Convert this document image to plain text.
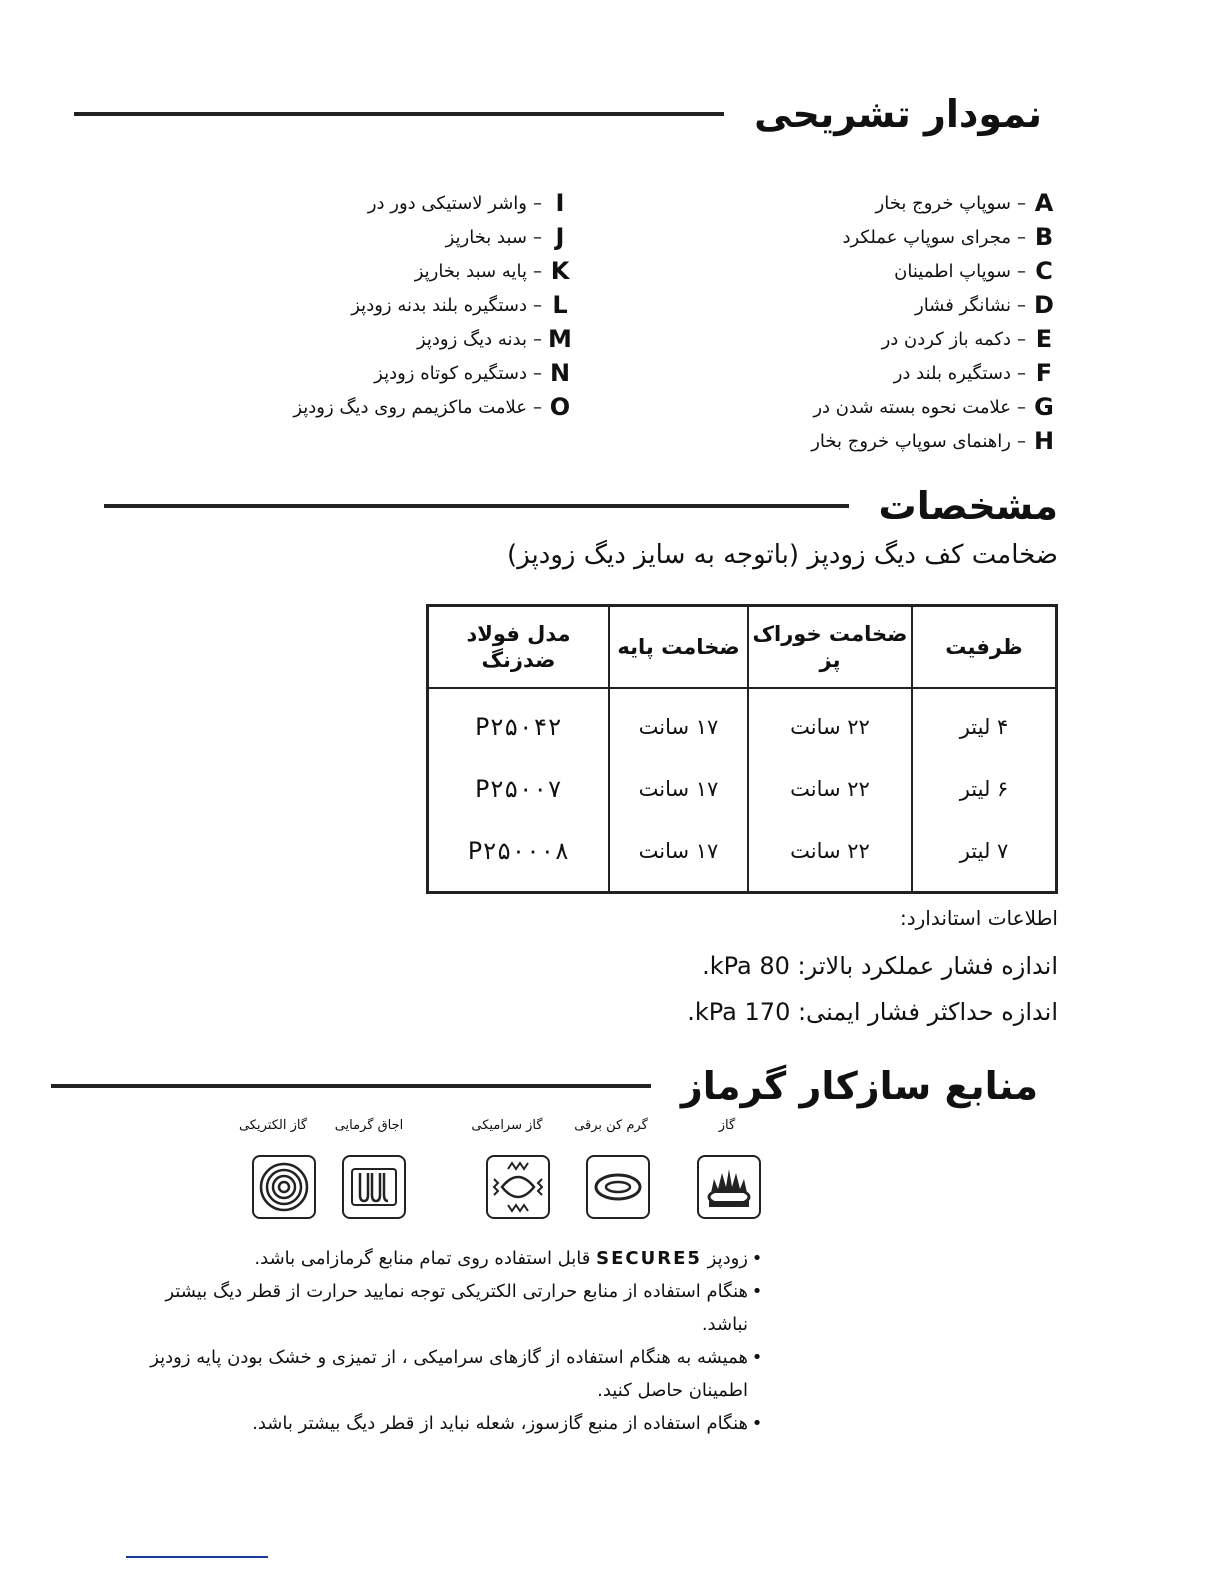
نمودار تشریحی
A
–
سوپاپ خروج بخار
B
–
مجرای سوپاپ عملکرد
C
–
سوپاپ اطمینان
D
–
نشانگر فشار
E
–
دکمه باز کردن در
F
–
دستگیره بلند در
G
–
علامت نحوه بسته شدن در
H
–
راهنمای سوپاپ خروج بخار
I
–
واشر لاستیکی دور در
J
–
سبد بخارپز
K
–
پایه سبد بخارپز
L
–
دستگیره بلند بدنه زودپز
M
–
بدنه دیگ زودپز
N
–
دستگیره کوتاه زودپز
O
–
علامت ماکزیمم روی دیگ زودپز
مشخصات
ضخامت کف دیگ زودپز (باتوجه به سایز دیگ زودپز)
ظرفیت	ضخامت خوراک پز	ضخامت پایه	مدل فولاد ضدزنگ
۴ لیتر	۲۲ سانت	۱۷ سانت	P۲۵۰۴۲
۶ لیتر	۲۲ سانت	۱۷ سانت	P۲۵۰۰۷
۷ لیتر	۲۲ سانت	۱۷ سانت	P۲۵۰۰۰۸
اطلاعات استاندارد:
اندازه فشار عملکرد بالاتر: 80 kPa.
اندازه حداکثر فشار ایمنی: 170 kPa.
منابع سازکار گرماز
گاز
گرم کن برقی
گاز سرامیکی
اجاق گرمایی
گاز الکتریکی
•
زودپز SECURE5 قابل استفاده روی تمام منابع گرمازامی باشد.
•
هنگام استفاده از منابع حرارتی الکتریکی توجه نمایید حرارت از قطر دیگ بیشتر نباشد.
•
همیشه به هنگام استفاده از گازهای سرامیکی ، از تمیزی و خشک بودن پایه زودپز اطمینان حاصل کنید.
•
هنگام استفاده از منبع گازسوز، شعله نباید از قطر دیگ بیشتر باشد.
